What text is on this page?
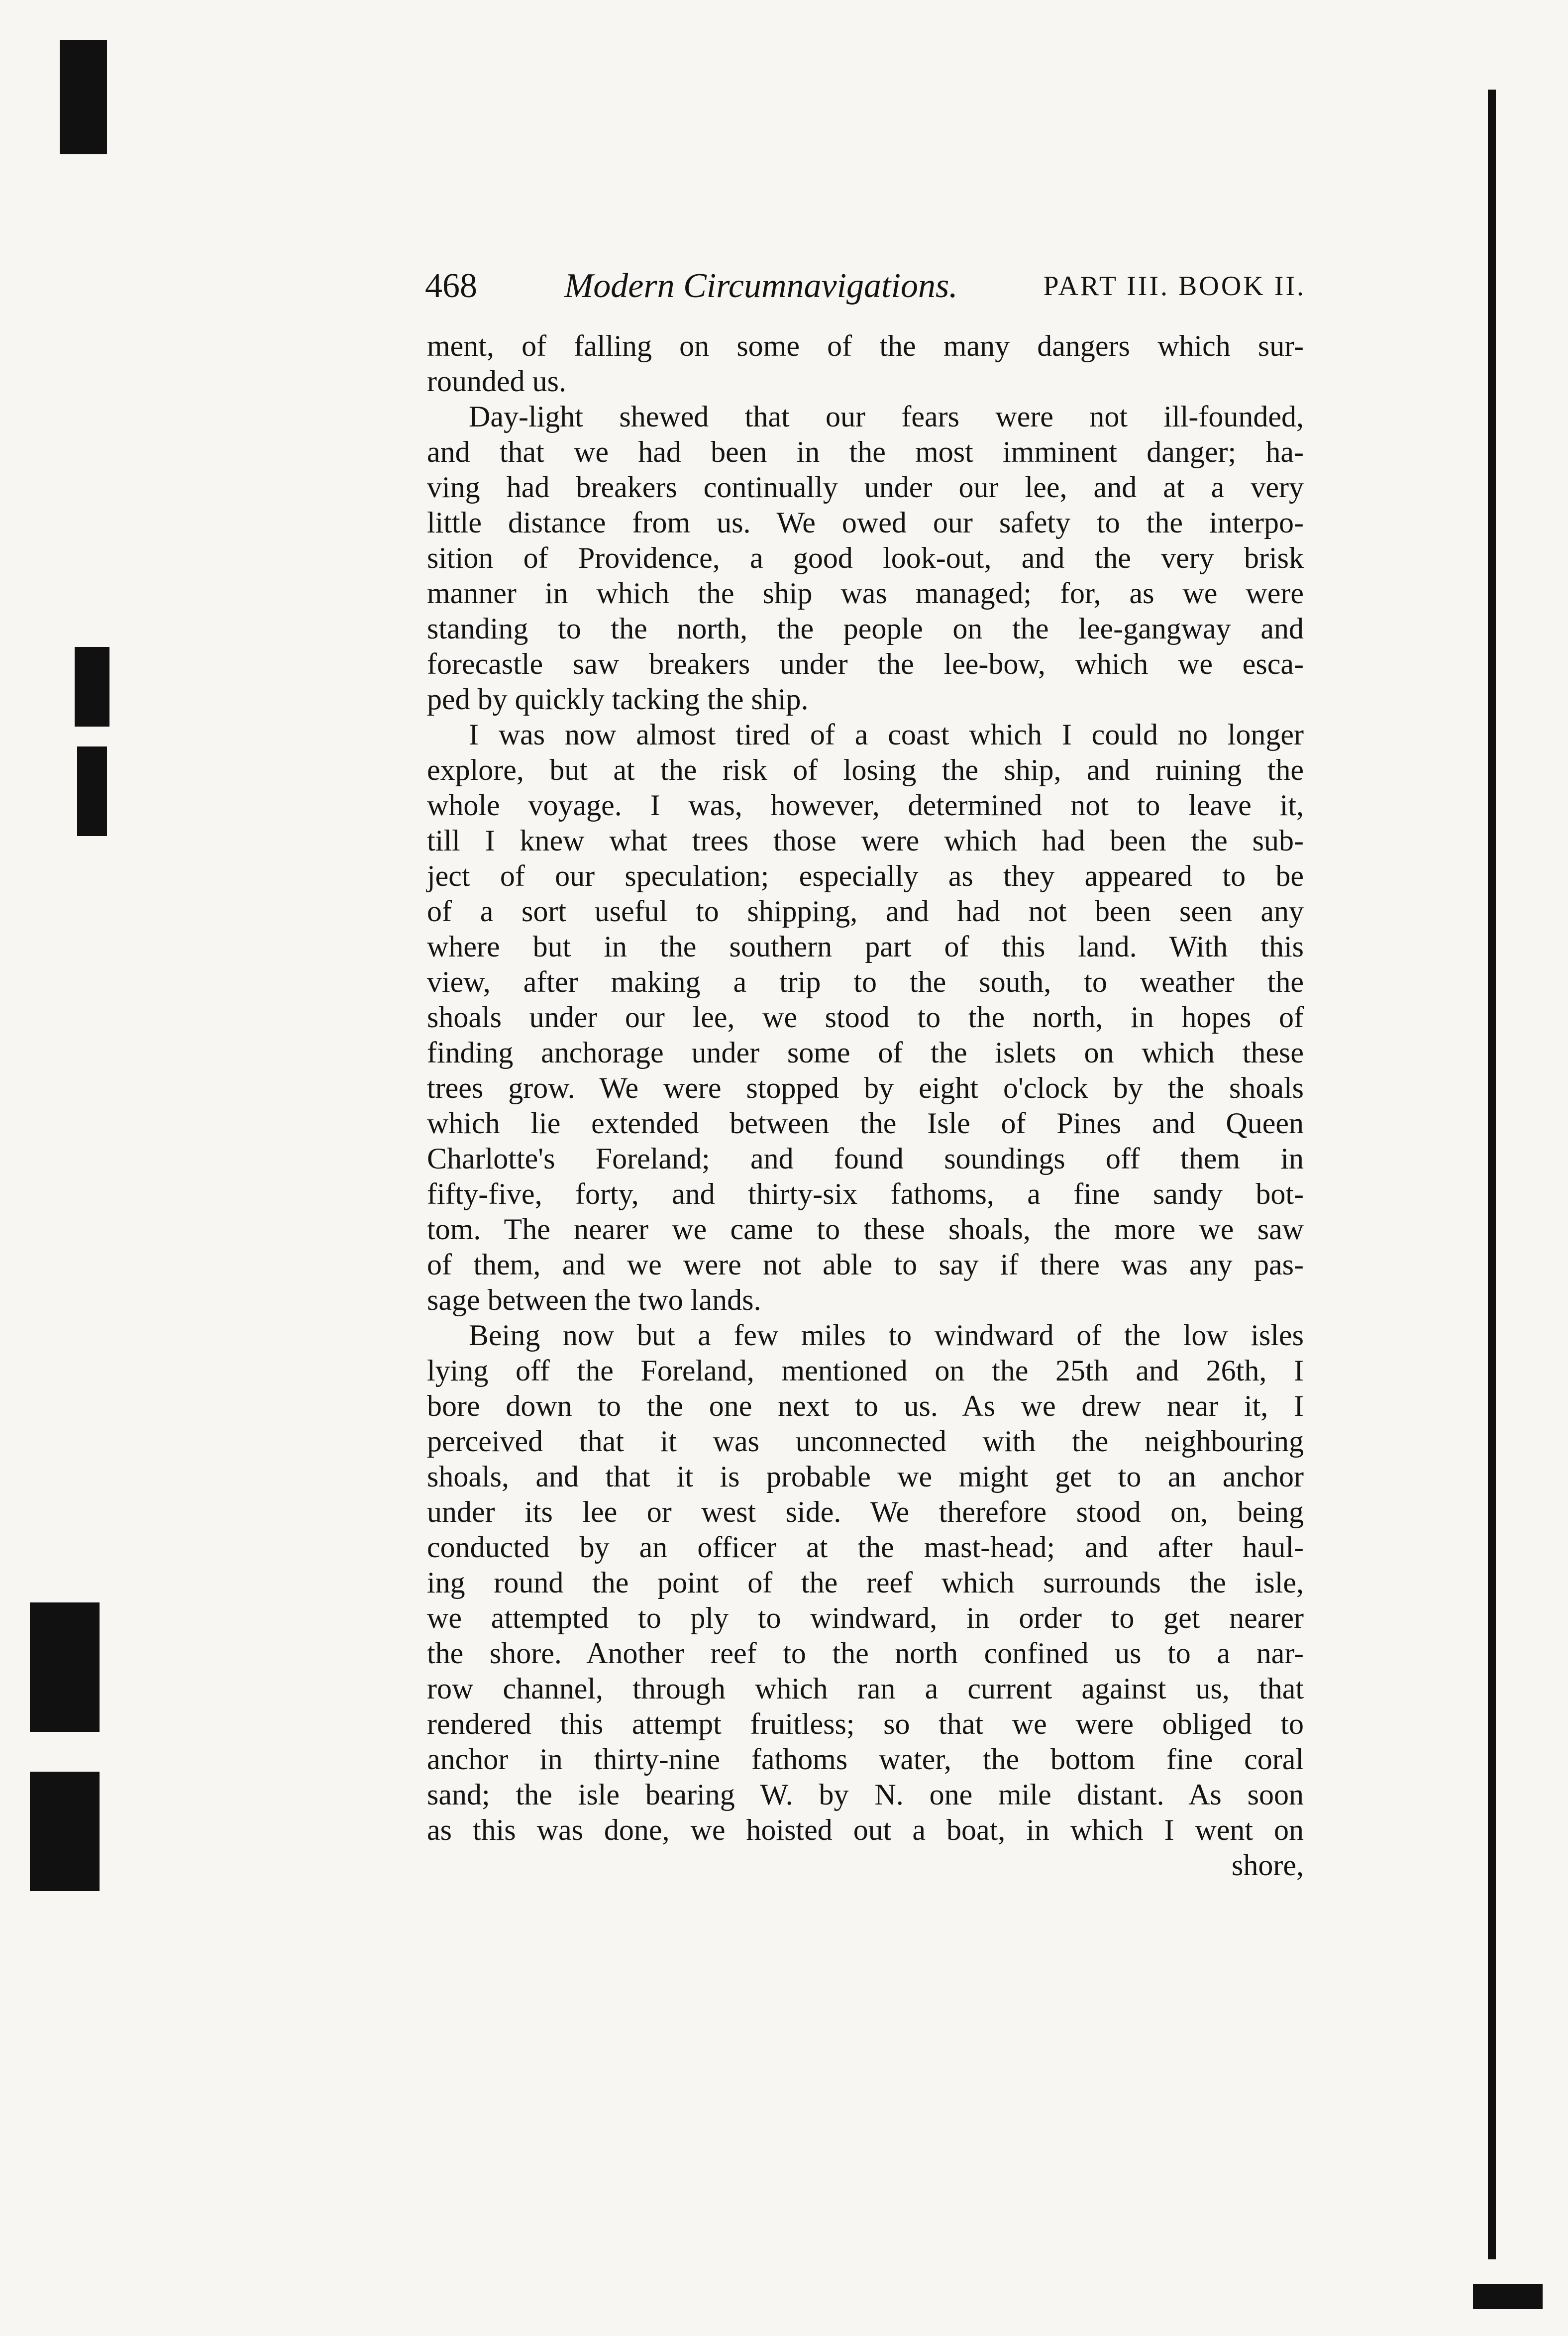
468	Modern Circumnavigations.	PART III. BOOK II.
ment, of falling on some of the many dangers which sur-
rounded us.
Day-light shewed that our fears were not ill-founded,
and that we had been in the most imminent danger; ha-
ving had breakers continually under our lee, and at a very
little distance from us. We owed our safety to the interpo-
sition of Providence, a good look-out, and the very brisk
manner in which the ship was managed; for, as we were
standing to the north, the people on the lee-gangway and
forecastle saw breakers under the lee-bow, which we esca-
ped by quickly tacking the ship.
I was now almost tired of a coast which I could no longer
explore, but at the risk of losing the ship, and ruining the
whole voyage. I was, however, determined not to leave it,
till I knew what trees those were which had been the sub-
ject of our speculation; especially as they appeared to be
of a sort useful to shipping, and had not been seen any
where but in the southern part of this land. With this
view, after making a trip to the south, to weather the
shoals under our lee, we stood to the north, in hopes of
finding anchorage under some of the islets on which these
trees grow. We were stopped by eight o'clock by the shoals
which lie extended between the Isle of Pines and Queen
Charlotte's Foreland; and found soundings off them in
fifty-five, forty, and thirty-six fathoms, a fine sandy bot-
tom. The nearer we came to these shoals, the more we saw
of them, and we were not able to say if there was any pas-
sage between the two lands.
Being now but a few miles to windward of the low isles
lying off the Foreland, mentioned on the 25th and 26th, I
bore down to the one next to us. As we drew near it, I
perceived that it was unconnected with the neighbouring
shoals, and that it is probable we might get to an anchor
under its lee or west side. We therefore stood on, being
conducted by an officer at the mast-head; and after haul-
ing round the point of the reef which surrounds the isle,
we attempted to ply to windward, in order to get nearer
the shore. Another reef to the north confined us to a nar-
row channel, through which ran a current against us, that
rendered this attempt fruitless; so that we were obliged to
anchor in thirty-nine fathoms water, the bottom fine coral
sand; the isle bearing W. by N. one mile distant. As soon
as this was done, we hoisted out a boat, in which I went on
shore,
